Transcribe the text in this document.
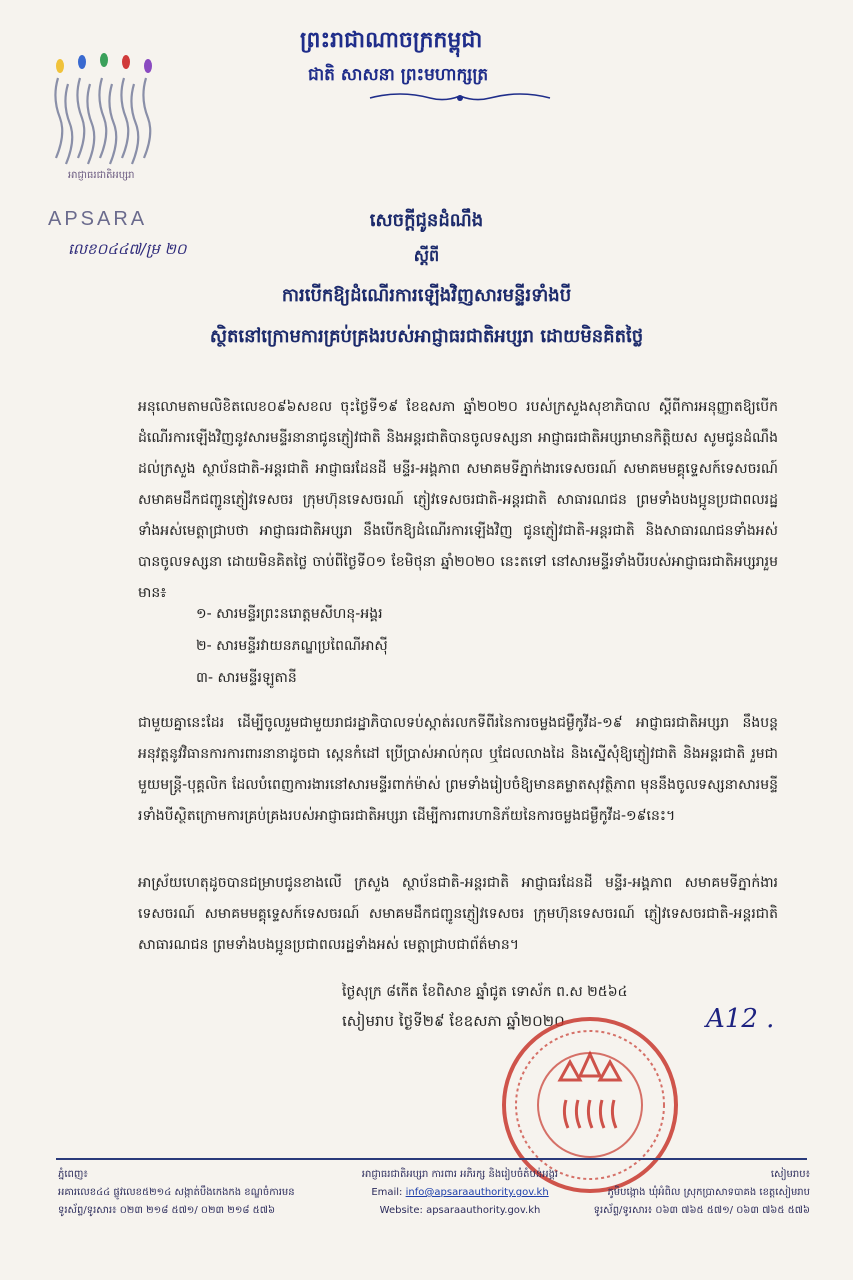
អាជ្ញាធរជាតិអប្សរា
APSARA
លេខ០៤៤៧/ម្រ ២០
ព្រះរាជាណាចក្រកម្ពុជា
ជាតិ សាសនា ព្រះមហាក្សត្រ
សេចក្តីជូនដំណឹង
ស្តីពី
ការបើកឱ្យដំណើរការឡើងវិញសារមន្ទីរទាំងបី
ស្ថិតនៅក្រោមការគ្រប់គ្រងរបស់អាជ្ញាធរជាតិអប្សរា ដោយមិនគិតថ្លៃ
អនុលោមតាមលិខិតលេខ០៩៦សខល ចុះថ្ងៃទី១៩ ខែឧសភា ឆ្នាំ២០២០ របស់ក្រសួងសុខាភិបាល ស្តីពីការអនុញ្ញាតឱ្យបើកដំណើរការឡើងវិញនូវសារមន្ទីរនានាជូនភ្ញៀវជាតិ និងអន្តរជាតិបានចូលទស្សនា អាជ្ញាធរជាតិអប្សរាមានកិត្តិយស សូមជូនដំណឹងដល់ក្រសួង ស្ថាប័នជាតិ-អន្តរជាតិ អាជ្ញាធរដែនដី មន្ទីរ-អង្គភាព សមាគមទីភ្នាក់ងារទេសចរណ៍ សមាគមមគ្គុទ្ទេសក៍ទេសចរណ៍ សមាគមដឹកជញ្ជូនភ្ញៀវទេសចរ ក្រុមហ៊ុនទេសចរណ៍ ភ្ញៀវទេសចរជាតិ-អន្តរជាតិ សាធារណជន ព្រមទាំងបងប្អូនប្រជាពលរដ្ឋទាំងអស់មេត្តាជ្រាបថា អាជ្ញាធរជាតិអប្សរា នឹងបើកឱ្យដំណើរការឡើងវិញ ជូនភ្ញៀវជាតិ-អន្តរជាតិ និងសាធារណជនទាំងអស់ បានចូលទស្សនា ដោយមិនគិតថ្លៃ ចាប់ពីថ្ងៃទី០១ ខែមិថុនា ឆ្នាំ២០២០ នេះតទៅ នៅសារមន្ទីរទាំងបីរបស់អាជ្ញាធរជាតិអប្សរារួមមាន៖
១- សារមន្ទីរព្រះនរោត្តមសីហនុ-អង្គរ
២- សារមន្ទីរវាយនភណ្ឌប្រពៃណីអាស៊ី
៣- សារមន្ទីរឡូតានី
ជាមួយគ្នានេះដែរ ដើម្បីចូលរួមជាមួយរាជរដ្ឋាភិបាលទប់ស្កាត់រលកទីពីរនៃការចម្លងជម្ងឺកូវីដ-១៩ អាជ្ញាធរជាតិអប្សរា នឹងបន្តអនុវត្តនូវវិធានការការពារនានាដូចជា ស្កេនកំដៅ ប្រើប្រាស់អាល់កុល ឬជែលលាងដៃ និងស្នើសុំឱ្យភ្ញៀវជាតិ និងអន្តរជាតិ រួមជាមួយមន្ត្រី-បុគ្គលិក ដែលបំពេញការងារនៅសារមន្ទីរពាក់ម៉ាស់ ព្រមទាំងរៀបចំឱ្យមានគម្លាតសុវត្ថិភាព មុននឹងចូលទស្សនាសារមន្ទីរទាំងបីស្ថិតក្រោមការគ្រប់គ្រងរបស់អាជ្ញាធរជាតិអប្សរា ដើម្បីការពារហានិភ័យនៃការចម្លងជម្ងឺកូវីដ-១៩នេះ។
អាស្រ័យហេតុដូចបានជម្រាបជូនខាងលើ ក្រសួង ស្ថាប័នជាតិ-អន្តរជាតិ អាជ្ញាធរដែនដី មន្ទីរ-អង្គភាព សមាគមទីភ្នាក់ងារទេសចរណ៍ សមាគមមគ្គុទ្ទេសក៍ទេសចរណ៍ សមាគមដឹកជញ្ជូនភ្ញៀវទេសចរ ក្រុមហ៊ុនទេសចរណ៍ ភ្ញៀវទេសចរជាតិ-អន្តរជាតិ សាធារណជន ព្រមទាំងបងប្អូនប្រជាពលរដ្ឋទាំងអស់ មេត្តាជ្រាបជាព័ត៌មាន។
ថ្ងៃសុក្រ ៨កើត ខែពិសាខ ឆ្នាំជូត ទោស័ក ព.ស ២៥៦៤
សៀមរាប ថ្ងៃទី២៩ ខែឧសភា ឆ្នាំ២០២០	A12 .
ភ្នំពេញ៖
អគារលេខ៤៤ ផ្លូវលេខ៥២១៤ សង្កាត់បឹងកេងកង ខណ្ឌចំការមន
ទូរស័ព្ទ/ទូរសារ៖ ០២៣ ២១៨ ៥៧១/ ០២៣ ២១៨ ៥៧៦
អាជ្ញាធរជាតិអប្សរា ការពារ អភិរក្ស និងរៀបចំតំបន់អង្គរ
Email: info@apsaraauthority.gov.kh
Website: apsaraauthority.gov.kh
សៀមរាប៖
ភូមិបង្កោង ឃុំអំពិល ស្រុកប្រាសាទបាគង ខេត្តសៀមរាប
ទូរស័ព្ទ/ទូរសារ៖ ០៦៣ ៧៦៥ ៥៧១/ ០៦៣ ៧៦៥ ៥៧៦
